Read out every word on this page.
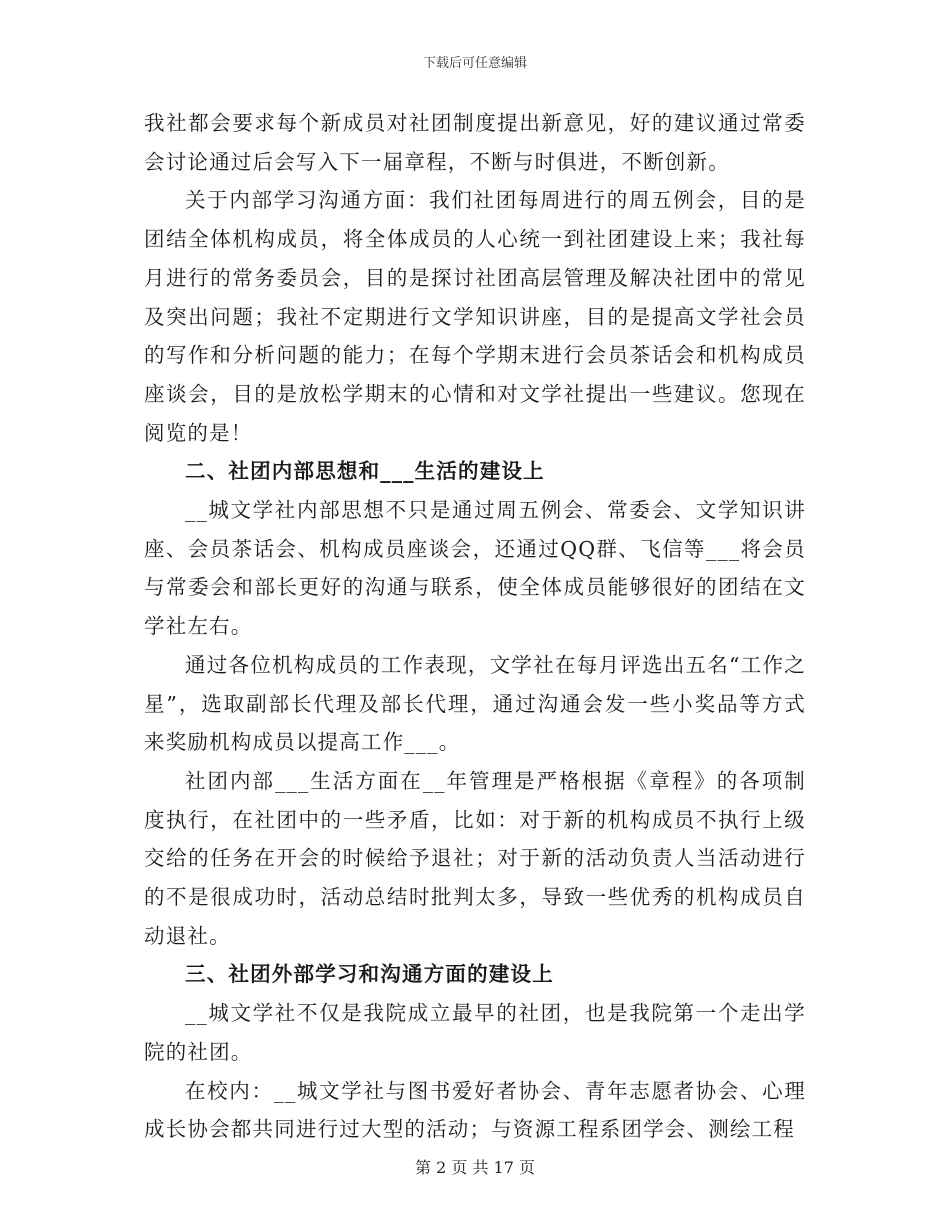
下载后可任意编辑

我社都会要求每个新成员对社团制度提出新意见，好的建议通过常委会讨论通过后会写入下一届章程，不断与时俱进，不断创新。

关于内部学习沟通方面：我们社团每周进行的周五例会，目的是团结全体机构成员，将全体成员的人心统一到社团建设上来；我社每月进行的常务委员会，目的是探讨社团高层管理及解决社团中的常见及突出问题；我社不定期进行文学知识讲座，目的是提高文学社会员的写作和分析问题的能力；在每个学期末进行会员茶话会和机构成员座谈会，目的是放松学期末的心情和对文学社提出一些建议。您现在阅览的是！

二、社团内部思想和___生活的建设上

__城文学社内部思想不只是通过周五例会、常委会、文学知识讲座、会员茶话会、机构成员座谈会，还通过QQ群、飞信等___将会员与常委会和部长更好的沟通与联系，使全体成员能够很好的团结在文学社左右。

通过各位机构成员的工作表现，文学社在每月评选出五名“工作之星”，选取副部长代理及部长代理，通过沟通会发一些小奖品等方式来奖励机构成员以提高工作___。

社团内部___生活方面在__年管理是严格根据《章程》的各项制度执行，在社团中的一些矛盾，比如：对于新的机构成员不执行上级交给的任务在开会的时候给予退社；对于新的活动负责人当活动进行的不是很成功时，活动总结时批判太多，导致一些优秀的机构成员自动退社。

三、社团外部学习和沟通方面的建设上

__城文学社不仅是我院成立最早的社团，也是我院第一个走出学院的社团。

在校内：__城文学社与图书爱好者协会、青年志愿者协会、心理成长协会都共同进行过大型的活动；与资源工程系团学会、测绘工程

第 2 页 共 17 页
